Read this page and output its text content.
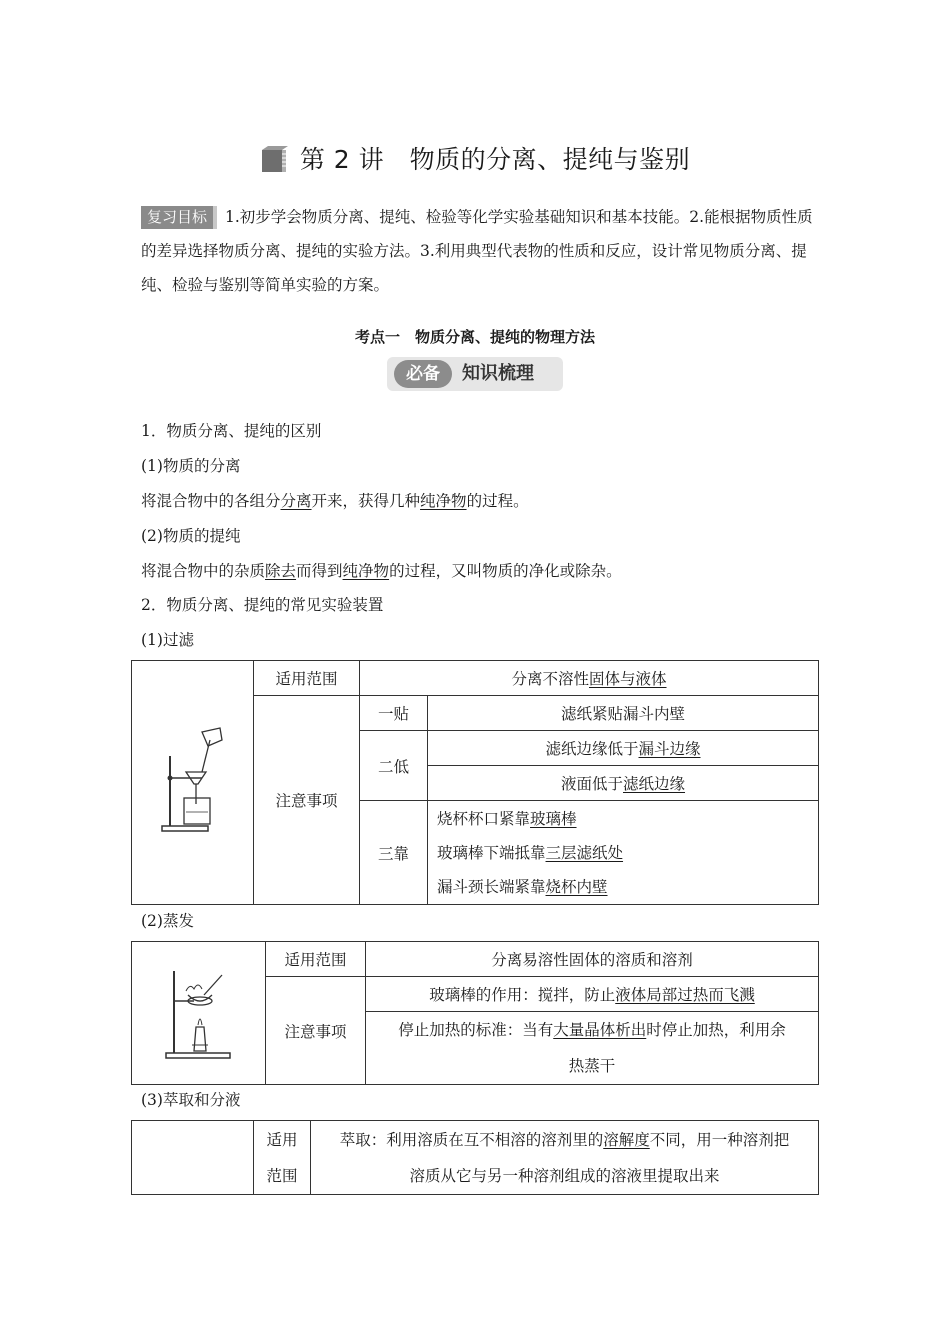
第 2 讲　物质的分离、提纯与鉴别
复习目标 1.初步学会物质分离、提纯、检验等化学实验基础知识和基本技能。2.能根据物质性质的差异选择物质分离、提纯的实验方法。3.利用典型代表物的性质和反应，设计常见物质分离、提纯、检验与鉴别等简单实验的方案。
考点一　物质分离、提纯的物理方法
必备	知识梳理
1．物质分离、提纯的区别
(1)物质的分离
将混合物中的各组分分离开来，获得几种纯净物的过程。
(2)物质的提纯
将混合物中的杂质除去而得到纯净物的过程，又叫物质的净化或除杂。
2．物质分离、提纯的常见实验装置
(1)过滤
	适用范围	分离不溶性固体与液体	
	注意事项	一贴	滤纸紧贴漏斗内壁
		二低	滤纸边缘低于漏斗边缘
			液面低于滤纸边缘
		三靠	烧杯杯口紧靠玻璃棒
玻璃棒下端抵靠三层滤纸处
漏斗颈长端紧靠烧杯内壁
(2)蒸发
	适用范围	分离易溶性固体的溶质和溶剂
	注意事项	玻璃棒的作用：搅拌，防止液体局部过热而飞溅

		停止加热的标准：当有大量晶体析出时停止加热，利用余
热蒸干
(3)萃取和分液

适用
范围

萃取：利用溶质在互不相溶的溶剂里的溶解度不同，用一种溶剂把
溶质从它与另一种溶剂组成的溶液里提取出来
